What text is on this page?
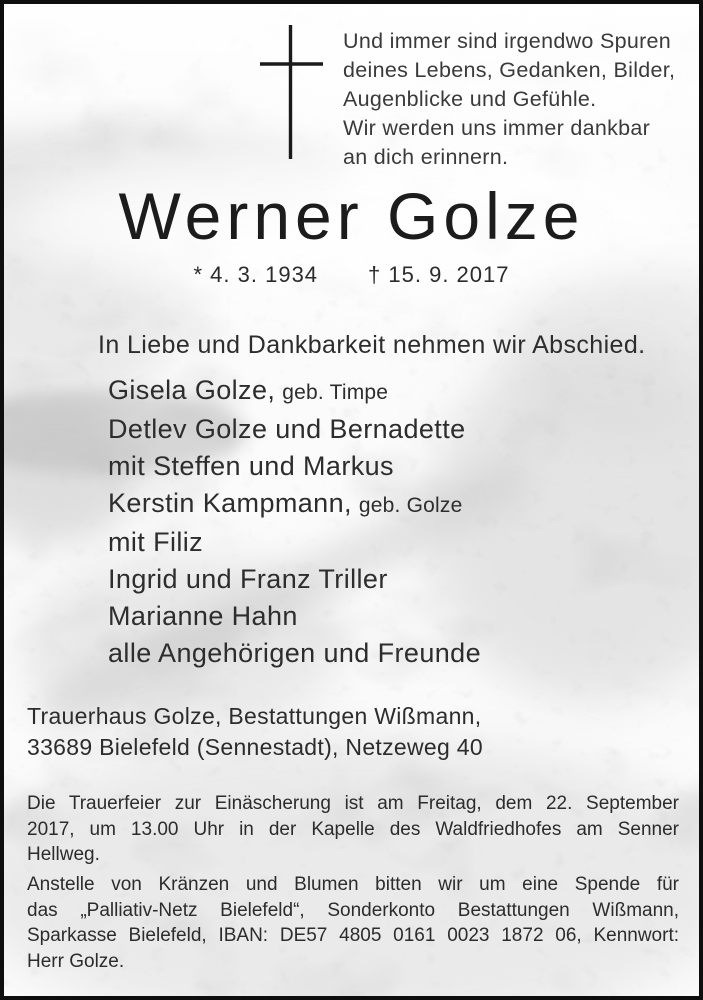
Und immer sind irgendwo Spuren
deines Lebens, Gedanken, Bilder,
Augenblicke und Gefühle.
Wir werden uns immer dankbar
an dich erinnern.
Werner Golze
* 4. 3. 1934 † 15. 9. 2017
In Liebe und Dankbarkeit nehmen wir Abschied.
Gisela Golze, geb. Timpe
Detlev Golze und Bernadette
mit Steffen und Markus
Kerstin Kampmann, geb. Golze
mit Filiz
Ingrid und Franz Triller
Marianne Hahn
alle Angehörigen und Freunde
Trauerhaus Golze, Bestattungen Wißmann,
33689 Bielefeld (Sennestadt), Netzeweg 40
Die Trauerfeier zur Einäscherung ist am Freitag, dem 22. September
2017, um 13.00 Uhr in der Kapelle des Waldfriedhofes am Senner
Hellweg.
Anstelle von Kränzen und Blumen bitten wir um eine Spende für
das „Palliativ-Netz Bielefeld“, Sonderkonto Bestattungen Wißmann,
Sparkasse Bielefeld, IBAN: DE57 4805 0161 0023 1872 06, Kennwort:
Herr Golze.
